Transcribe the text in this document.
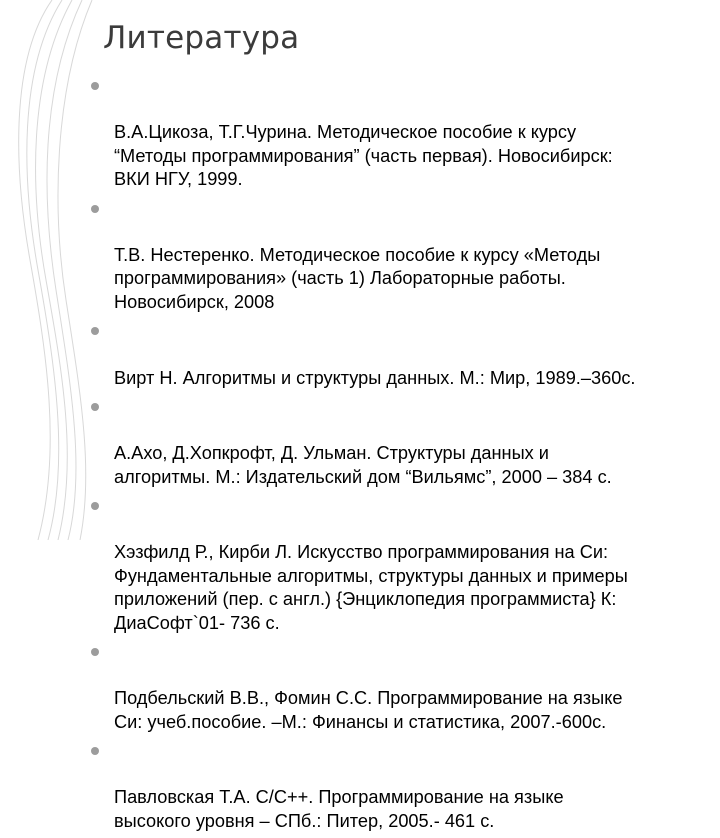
Литература

В.А.Цикоза, Т.Г.Чурина. Методическое пособие к курсу
“Методы программирования” (часть первая). Новосибирск:
ВКИ НГУ, 1999.

Т.В. Нестеренко. Методическое пособие к курсу «Методы
программирования» (часть 1) Лабораторные работы.
Новосибирск, 2008

Вирт Н. Алгоритмы и структуры данных. М.: Мир, 1989.–360с.

А.Ахо, Д.Хопкрофт, Д. Ульман. Структуры данных и
алгоритмы. М.: Издательский дом “Вильямс”, 2000 – 384 с.

Хэзфилд Р., Кирби Л. Искусство программирования на Си:
Фундаментальные алгоритмы, структуры данных и примеры
приложений (пер. с англ.) {Энциклопедия программиста} К:
ДиаСофт`01- 736 с.

Подбельский В.В., Фомин С.С. Программирование на языке
Си: учеб.пособие. –М.: Финансы и статистика, 2007.-600с.

Павловская Т.А. С/С++. Программирование на языке
высокого уровня – СПб.: Питер, 2005.- 461 с.
